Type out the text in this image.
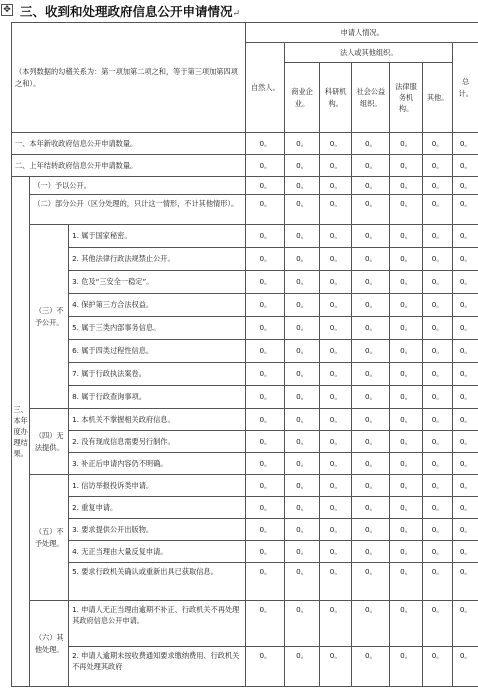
✥ 三、收到和处理政府信息公开申请情况↵
（本列数据的勾稽关系为：第一项加第二项之和，等于第三项加第四项之和）。			申请人情况。						
			自然人。	法人或其他组织。					总计。
				商业企业。	科研机构。	社会公益组织。	法律服务机构。	其他。	

一、本年新收政府信息公开申请数量。			0。	0。	0。	0。	0。	0。	0。
二、上年结转政府信息公开申请数量。			0。	0。	0。	0。	0。	0。	0。
三、本年度办理结果。	（一）予以公开。		0。	0。	0。	0。	0。	0。	0。
	（二）部分公开（区分处理的，只计这一情形，不计其他情形）。		0。	0。	0。	0。	0。	0。	0。
	（三）不予公开。	1. 属于国家秘密。	0。	0。	0。	0。	0。	0。	0。
		2. 其他法律行政法规禁止公开。	0。	0。	0。	0。	0。	0。	0。
		3. 危及“三安全一稳定”。	0。	0。	0。	0。	0。	0。	0。
		4. 保护第三方合法权益。	0。	0。	0。	0。	0。	0。	0。
		5. 属于三类内部事务信息。	0。	0。	0。	0。	0。	0。	0。
		6. 属于四类过程性信息。	0。	0。	0。	0。	0。	0。	0。
		7. 属于行政执法案卷。	0。	0。	0。	0。	0。	0。	0。
		8. 属于行政查询事项。	0。	0。	0。	0。	0。	0。	0。
	（四）无法提供。	1. 本机关不掌握相关政府信息。	0。	0。	0。	0。	0。	0。	0。
		2. 没有现成信息需要另行制作。	0。	0。	0。	0。	0。	0。	0。
		3. 补正后申请内容仍不明确。	0。	0。	0。	0。	0。	0。	0。
	（五）不予处理。	1. 信访举报投诉类申请。	0。	0。	0。	0。	0。	0。	0。
		2. 重复申请。	0。	0。	0。	0。	0。	0。	0。
		3. 要求提供公开出版物。	0。	0。	0。	0。	0。	0。	0。
		4. 无正当理由大量反复申请。	0。	0。	0。	0。	0。	0。	0。
		5. 要求行政机关确认或重新出具已获取信息。	0。	0。	0。	0。	0。	0。	0。
	（六）其他处理。	1. 申请人无正当理由逾期不补正、行政机关不再处理其政府信息公开申请。	0。	0。	0。	0。	0。	0。	0。
		2. 申请人逾期未按收费通知要求缴纳费用、行政机关不再处理其政府	0。	0。	0。	0。	0。	0。	0。
